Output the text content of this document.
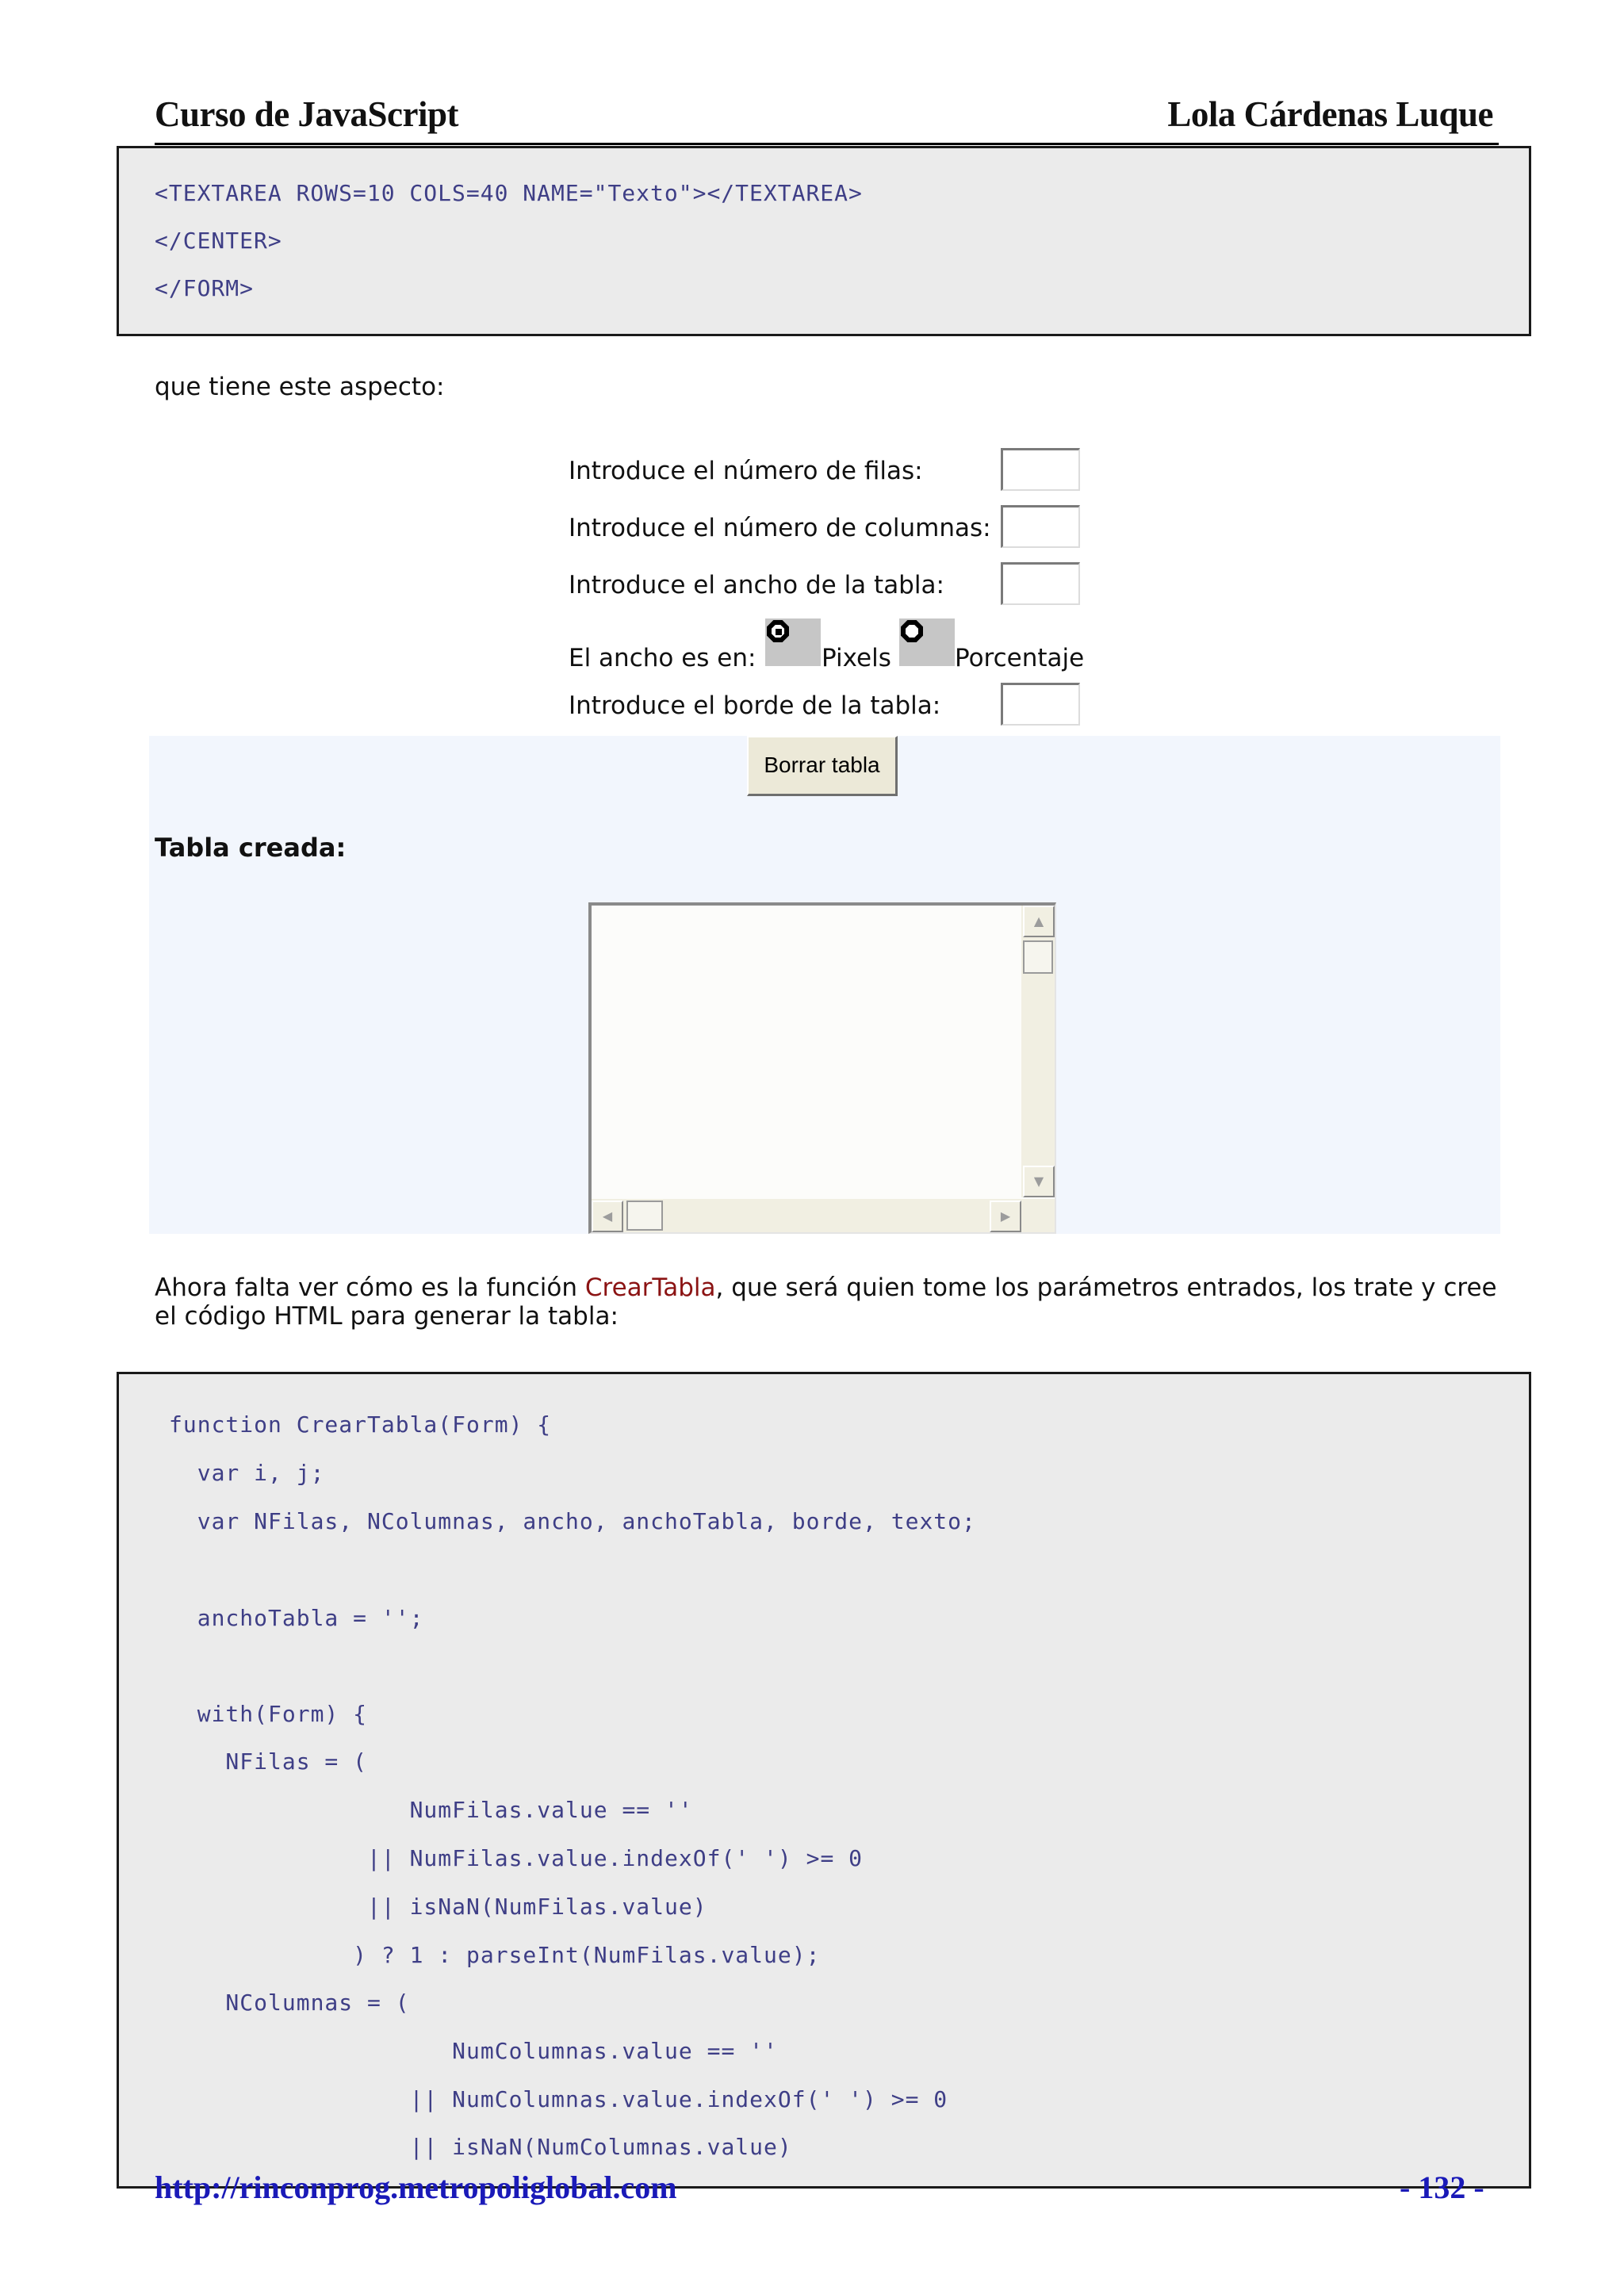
Curso de JavaScript	Lola Cárdenas Luque
<TEXTAREA ROWS=10 COLS=40 NAME="Texto"></TEXTAREA>
</CENTER>
</FORM>
que tiene este aspecto:
Introduce el número de filas:
Introduce el número de columnas:
Introduce el ancho de la tabla:
El ancho es en:	Pixels	Porcentaje
Introduce el borde de la tabla:
Borrar tabla
Tabla creada:
▲
▼
◀	▶
Ahora falta ver cómo es la función CrearTabla, que será quien tome los parámetros entrados, los trate y cree el código HTML para generar la tabla:
function CrearTabla(Form) {
var i, j;
var NFilas, NColumnas, ancho, anchoTabla, borde, texto;
anchoTabla = '';
with(Form) {
NFilas = (
NumFilas.value == ''
|| NumFilas.value.indexOf(' ') >= 0
|| isNaN(NumFilas.value)
) ? 1 : parseInt(NumFilas.value);
NColumnas = (
NumColumnas.value == ''
|| NumColumnas.value.indexOf(' ') >= 0
|| isNaN(NumColumnas.value)
http://rinconprog.metropoliglobal.com	- 132 -
